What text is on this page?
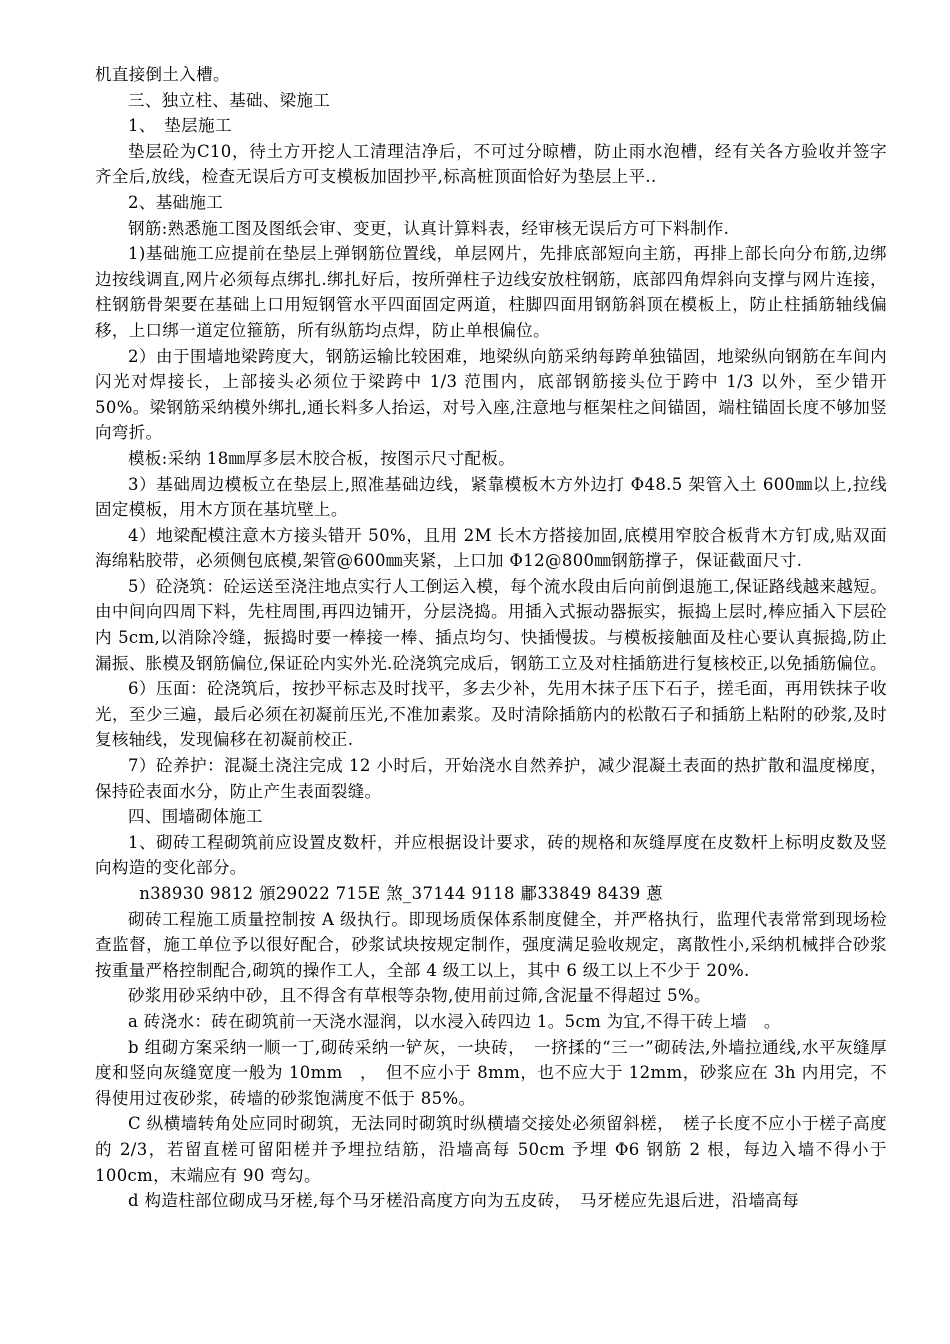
机直接倒土入槽。

三、独立柱、基础、梁施工

1、　垫层施工

垫层砼为C10，待土方开挖人工清理洁净后，不可过分晾槽，防止雨水泡槽，经有关各方验收并签字齐全后,放线，检查无误后方可支模板加固抄平,标高桩顶面恰好为垫层上平..

2、基础施工

钢筋:熟悉施工图及图纸会审、变更，认真计算料表，经审核无误后方可下料制作.

1)基础施工应提前在垫层上弹钢筋位置线，单层网片，先排底部短向主筋，再排上部长向分布筋,边绑边按线调直,网片必须每点绑扎.绑扎好后，按所弹柱子边线安放柱钢筋，底部四角焊斜向支撑与网片连接，柱钢筋骨架要在基础上口用短钢管水平四面固定两道，柱脚四面用钢筋斜顶在模板上，防止柱插筋轴线偏移，上口绑一道定位箍筋，所有纵筋均点焊，防止单根偏位。

2）由于围墙地梁跨度大，钢筋运输比较困难，地梁纵向筋采纳每跨单独锚固，地梁纵向钢筋在车间内闪光对焊接长，上部接头必须位于梁跨中 1/3 范围内，底部钢筋接头位于跨中 1/3 以外，至少错开 50%。梁钢筋采纳模外绑扎,通长料多人抬运，对号入座,注意地与框架柱之间锚固，端柱锚固长度不够加竖向弯折。

模板:采纳 18㎜厚多层木胶合板，按图示尺寸配板。

3）基础周边模板立在垫层上,照准基础边线，紧靠模板木方外边打 Φ48.5 架管入土 600㎜以上,拉线固定模板，用木方顶在基坑壁上。

4）地梁配模注意木方接头错开 50%，且用 2M 长木方搭接加固,底模用窄胶合板背木方钉成,贴双面海绵粘胶带，必须侧包底模,架管@600㎜夹紧，上口加 Φ12@800㎜钢筋撑子，保证截面尺寸.

5）砼浇筑：砼运送至浇注地点实行人工倒运入模，每个流水段由后向前倒退施工,保证路线越来越短。由中间向四周下料，先柱周围,再四边铺开，分层浇捣。用插入式振动器振实，振捣上层时,棒应插入下层砼内 5cm,以消除冷缝，振捣时要一棒接一棒、插点均匀、快插慢拔。与模板接触面及柱心要认真振捣,防止漏振、胀模及钢筋偏位,保证砼内实外光.砼浇筑完成后，钢筋工立及对柱插筋进行复核校正,以免插筋偏位。

6）压面：砼浇筑后，按抄平标志及时找平，多去少补，先用木抹子压下石子，搓毛面，再用铁抹子收光，至少三遍，最后必须在初凝前压光,不准加素浆。及时清除插筋内的松散石子和插筋上粘附的砂浆,及时复核轴线，发现偏移在初凝前校正.

7）砼养护：混凝土浇注完成 12 小时后，开始浇水自然养护，减少混凝土表面的热扩散和温度梯度，保持砼表面水分，防止产生表面裂缝。

四、围墙砌体施工

1、砌砖工程砌筑前应设置皮数杆，并应根据设计要求，砖的规格和灰缝厚度在皮数杆上标明皮数及竖向构造的变化部分。

n38930 9812 頒29022 715E 煞_37144 9118 鄘33849 8439 蔥

砌砖工程施工质量控制按 A 级执行。即现场质保体系制度健全，并严格执行，监理代表常常到现场检查监督，施工单位予以很好配合，砂浆试块按规定制作，强度满足验收规定，离散性小,采纳机械拌合砂浆按重量严格控制配合,砌筑的操作工人，全部 4 级工以上，其中 6 级工以上不少于 20%.

砂浆用砂采纳中砂，且不得含有草根等杂物,使用前过筛,含泥量不得超过 5%。

a 砖浇水：砖在砌筑前一天浇水湿润，以水浸入砖四边 1。5cm 为宜,不得干砖上墙　。

b 组砌方案采纳一顺一丁,砌砖采纳一铲灰，一块砖，　一挤揉的“三一”砌砖法,外墙拉通线,水平灰缝厚度和竖向灰缝宽度一般为 10mm　，　但不应小于 8mm，也不应大于 12mm，砂浆应在 3h 内用完，不得使用过夜砂浆，砖墙的砂浆饱满度不低于 85%。

C 纵横墙转角处应同时砌筑，无法同时砌筑时纵横墙交接处必须留斜槎，　槎子长度不应小于槎子高度的 2/3，若留直槎可留阳槎并予埋拉结筋，沿墙高每 50cm 予埋 Φ6 钢筋 2 根，每边入墙不得小于 100cm，末端应有 90 弯勾。

d 构造柱部位砌成马牙槎,每个马牙槎沿高度方向为五皮砖，　马牙槎应先退后进，沿墙高每
